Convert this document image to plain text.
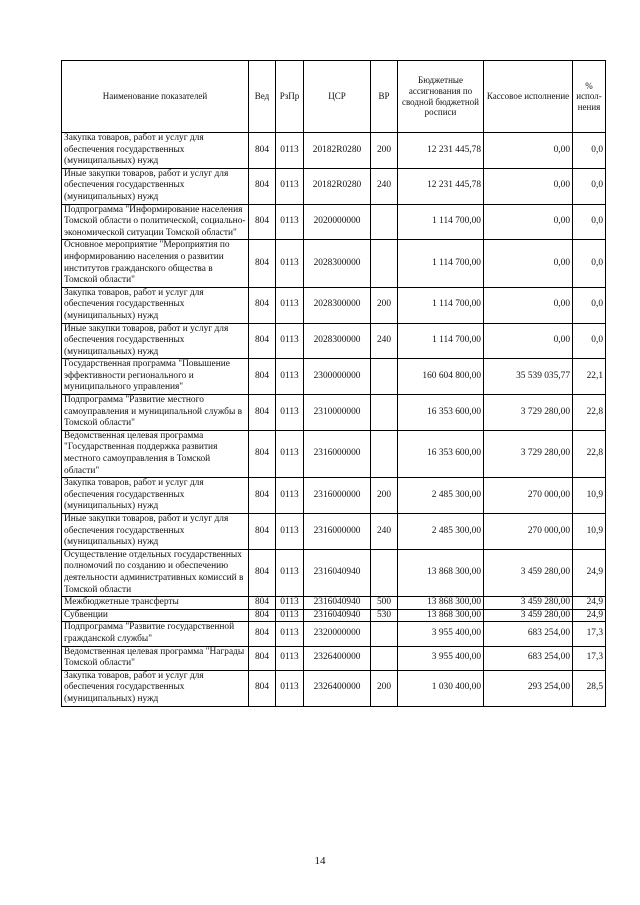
Наименование показателей	Вед	РзПр	ЦСР	ВР	Бюджетные ассигнования по сводной бюджетной росписи	Кассовое исполнение	% испол-нения
Закупка товаров, работ и услуг для обеспечения государственных (муниципальных) нужд	804	0113	20182R0280	200	12 231 445,78	0,00	0,0
Иные закупки товаров, работ и услуг для обеспечения государственных (муниципальных) нужд	804	0113	20182R0280	240	12 231 445,78	0,00	0,0
Подпрограмма "Информирование населения Томской области о политической, социально-экономической ситуации Томской области"	804	0113	2020000000		1 114 700,00	0,00	0,0
Основное мероприятие "Мероприятия по информированию населения о развитии институтов гражданского общества в Томской области"	804	0113	2028300000		1 114 700,00	0,00	0,0
Закупка товаров, работ и услуг для обеспечения государственных (муниципальных) нужд	804	0113	2028300000	200	1 114 700,00	0,00	0,0
Иные закупки товаров, работ и услуг для обеспечения государственных (муниципальных) нужд	804	0113	2028300000	240	1 114 700,00	0,00	0,0
Государственная программа "Повышение эффективности регионального и муниципального управления"	804	0113	2300000000		160 604 800,00	35 539 035,77	22,1
Подпрограмма "Развитие местного самоуправления и муниципальной службы в Томской области"	804	0113	2310000000		16 353 600,00	3 729 280,00	22,8
Ведомственная целевая программа "Государственная поддержка развития местного самоуправления в Томской области"	804	0113	2316000000		16 353 600,00	3 729 280,00	22,8
Закупка товаров, работ и услуг для обеспечения государственных (муниципальных) нужд	804	0113	2316000000	200	2 485 300,00	270 000,00	10,9
Иные закупки товаров, работ и услуг для обеспечения государственных (муниципальных) нужд	804	0113	2316000000	240	2 485 300,00	270 000,00	10,9
Осуществление отдельных государственных полномочий по созданию и обеспечению деятельности административных комиссий в Томской области	804	0113	2316040940		13 868 300,00	3 459 280,00	24,9
Межбюджетные трансферты	804	0113	2316040940	500	13 868 300,00	3 459 280,00	24,9
Субвенции	804	0113	2316040940	530	13 868 300,00	3 459 280,00	24,9
Подпрограмма "Развитие государственной гражданской службы"	804	0113	2320000000		3 955 400,00	683 254,00	17,3
Ведомственная целевая программа "Награды Томской области"	804	0113	2326400000		3 955 400,00	683 254,00	17,3
Закупка товаров, работ и услуг для обеспечения государственных (муниципальных) нужд	804	0113	2326400000	200	1 030 400,00	293 254,00	28,5
14
